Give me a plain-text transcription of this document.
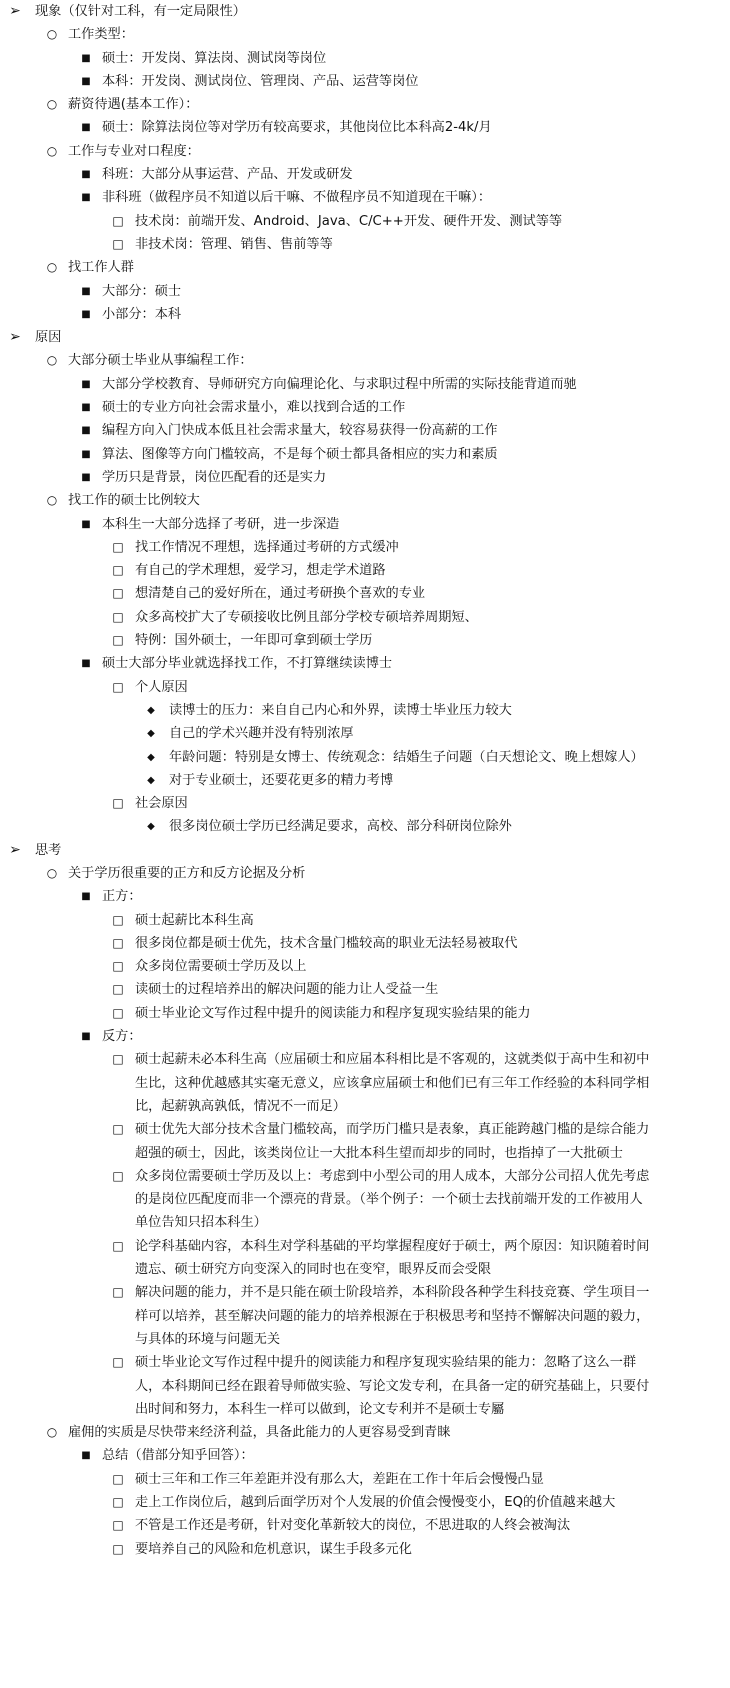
➢ 现象（仅针对工科，有一定局限性）
○ 工作类型：
■ 硕士：开发岗、算法岗、测试岗等岗位
■ 本科：开发岗、测试岗位、管理岗、产品、运营等岗位
○ 薪资待遇(基本工作）：
■ 硕士：除算法岗位等对学历有较高要求，其他岗位比本科高2-4k/月
○ 工作与专业对口程度：
■ 科班：大部分从事运营、产品、开发或研发
■ 非科班（做程序员不知道以后干嘛、不做程序员不知道现在干嘛）：
□ 技术岗：前端开发、Android、Java、C/C++开发、硬件开发、测试等等
□ 非技术岗：管理、销售、售前等等
○ 找工作人群
■ 大部分：硕士
■ 小部分：本科
➢ 原因
○ 大部分硕士毕业从事编程工作：
■ 大部分学校教育、导师研究方向偏理论化、与求职过程中所需的实际技能背道而驰
■ 硕士的专业方向社会需求量小，难以找到合适的工作
■ 编程方向入门快成本低且社会需求量大，较容易获得一份高薪的工作
■ 算法、图像等方向门槛较高，不是每个硕士都具备相应的实力和素质
■ 学历只是背景，岗位匹配看的还是实力
○ 找工作的硕士比例较大
■ 本科生一大部分选择了考研，进一步深造
□ 找工作情况不理想，选择通过考研的方式缓冲
□ 有自己的学术理想，爱学习，想走学术道路
□ 想清楚自己的爱好所在，通过考研换个喜欢的专业
□ 众多高校扩大了专硕接收比例且部分学校专硕培养周期短、
□ 特例：国外硕士，一年即可拿到硕士学历
■ 硕士大部分毕业就选择找工作，不打算继续读博士
□ 个人原因
◆ 读博士的压力：来自自己内心和外界，读博士毕业压力较大
◆ 自己的学术兴趣并没有特别浓厚
◆ 年龄问题：特别是女博士、传统观念：结婚生子问题（白天想论文、晚上想嫁人）
◆ 对于专业硕士，还要花更多的精力考博
□ 社会原因
◆ 很多岗位硕士学历已经满足要求，高校、部分科研岗位除外
➢ 思考
○ 关于学历很重要的正方和反方论据及分析
■ 正方：
□ 硕士起薪比本科生高
□ 很多岗位都是硕士优先，技术含量门槛较高的职业无法轻易被取代
□ 众多岗位需要硕士学历及以上
□ 读硕士的过程培养出的解决问题的能力让人受益一生
□ 硕士毕业论文写作过程中提升的阅读能力和程序复现实验结果的能力
■ 反方：
□ 硕士起薪未必本科生高（应届硕士和应届本科相比是不客观的，这就类似于高中生和初中
生比，这种优越感其实毫无意义，应该拿应届硕士和他们已有三年工作经验的本科同学相
比，起薪孰高孰低，情况不一而足）
□ 硕士优先大部分技术含量门槛较高，而学历门槛只是表象，真正能跨越门槛的是综合能力
超强的硕士，因此，该类岗位让一大批本科生望而却步的同时，也指掉了一大批硕士
□ 众多岗位需要硕士学历及以上：考虑到中小型公司的用人成本，大部分公司招人优先考虑
的是岗位匹配度而非一个漂亮的背景。（举个例子：一个硕士去找前端开发的工作被用人
单位告知只招本科生）
□ 论学科基础内容，本科生对学科基础的平均掌握程度好于硕士，两个原因：知识随着时间
遗忘、硕士研究方向变深入的同时也在变窄，眼界反而会受限
□ 解决问题的能力，并不是只能在硕士阶段培养，本科阶段各种学生科技竞赛、学生项目一
样可以培养，甚至解决问题的能力的培养根源在于积极思考和坚持不懈解决问题的毅力，
与具体的环境与问题无关
□ 硕士毕业论文写作过程中提升的阅读能力和程序复现实验结果的能力：忽略了这么一群
人，本科期间已经在跟着导师做实验、写论文发专利，在具备一定的研究基础上，只要付
出时间和努力，本科生一样可以做到，论文专利并不是硕士专屬
○ 雇佣的实质是尽快带来经济利益，具备此能力的人更容易受到青睐
■ 总结（借部分知乎回答）：
□ 硕士三年和工作三年差距并没有那么大，差距在工作十年后会慢慢凸显
□ 走上工作岗位后，越到后面学历对个人发展的价值会慢慢变小，EQ的价值越来越大
□ 不管是工作还是考研，针对变化革新较大的岗位，不思进取的人终会被淘汰
□ 要培养自己的风险和危机意识，谋生手段多元化
